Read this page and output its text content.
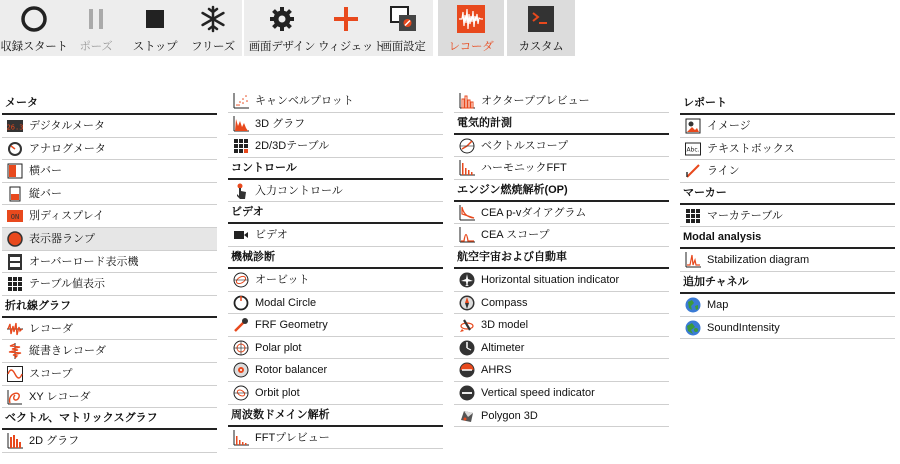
収録スタート	ポーズ	ストップ	フリーズ	画面デザイン ウィジェット
画面設定	レコーダ	カスタム
メータ
26.3 デジタルメータ
アナログメータ
横バー
縦バー
ON 別ディスプレイ
表示器ランプ
オーバーロード表示機
テーブル値表示
折れ線グラフ
レコーダ
縦書きレコーダ
スコープ
XY レコーダ
ベクトル、マトリックスグラフ
2D グラフ
キャンベルプロット
3D グラフ
2D/3Dテーブル
コントロール
入力コントロール
ビデオ
ビデオ
機械診断
オービット
Modal Circle
FRF Geometry
Polar plot
Rotor balancer
Orbit plot
周波数ドメイン解析
FFTプレビュー
オクタープブレビュー
電気的計測
ベクトルスコープ
ハーモニックFFT
エンジン燃焼解析(OP)
CEA p-vダイアグラム
CEA スコープ
航空宇宙および自動車
Horizontal situation indicator
Compass
3D model
Altimeter
AHRS
Vertical speed indicator
Polygon 3D
レポート
イメージ
Abc. テキストボックス
ライン
マーカー
マーカテーブル
Modal analysis
Stabilization diagram
追加チャネル
Map
SoundIntensity
